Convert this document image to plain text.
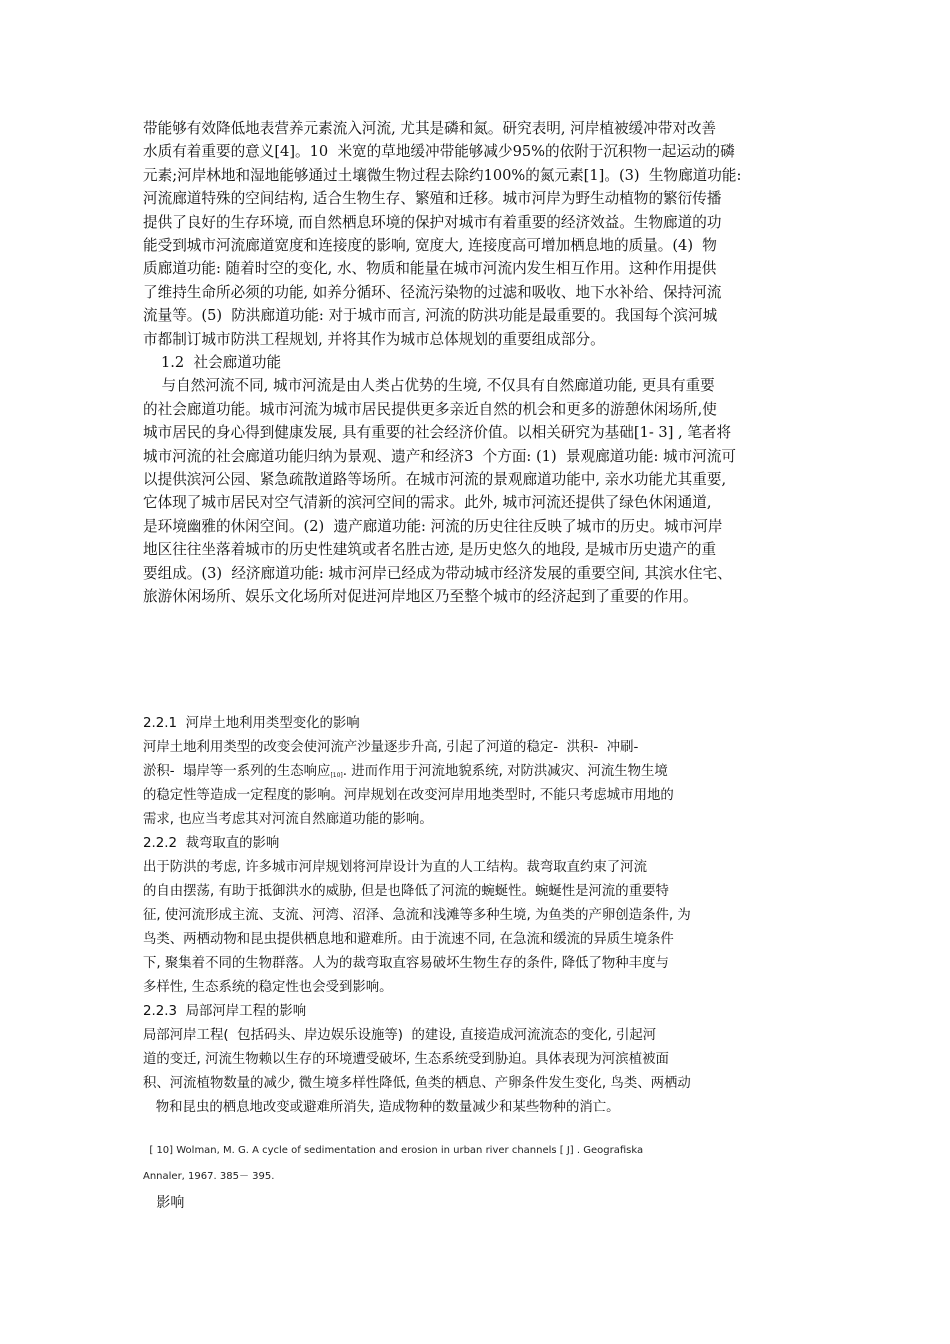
带能够有效降低地表营养元素流入河流, 尤其是磷和氮。研究表明, 河岸植被缓冲带对改善
水质有着重要的意义[4]。10  米宽的草地缓冲带能够减少95%的依附于沉积物一起运动的磷
元素;河岸林地和湿地能够通过土壤微生物过程去除约100%的氮元素[1]。(3)  生物廊道功能:
河流廊道特殊的空间结构, 适合生物生存、繁殖和迁移。城市河岸为野生动植物的繁衍传播
提供了良好的生存环境, 而自然栖息环境的保护对城市有着重要的经济效益。生物廊道的功
能受到城市河流廊道宽度和连接度的影响, 宽度大, 连接度高可增加栖息地的质量。(4)  物
质廊道功能: 随着时空的变化, 水、物质和能量在城市河流内发生相互作用。这种作用提供
了维持生命所必须的功能, 如养分循环、径流污染物的过滤和吸收、地下水补给、保持河流
流量等。(5)  防洪廊道功能: 对于城市而言, 河流的防洪功能是最重要的。我国每个滨河城
市都制订城市防洪工程规划, 并将其作为城市总体规划的重要组成部分。
1.2  社会廊道功能
与自然河流不同, 城市河流是由人类占优势的生境, 不仅具有自然廊道功能, 更具有重要
的社会廊道功能。城市河流为城市居民提供更多亲近自然的机会和更多的游憩休闲场所,使
城市居民的身心得到健康发展, 具有重要的社会经济价值。以相关研究为基础[1- 3] , 笔者将
城市河流的社会廊道功能归纳为景观、遗产和经济3  个方面: (1)  景观廊道功能: 城市河流可
以提供滨河公园、紧急疏散道路等场所。在城市河流的景观廊道功能中, 亲水功能尤其重要,
它体现了城市居民对空气清新的滨河空间的需求。此外, 城市河流还提供了绿色休闲通道,
是环境幽雅的休闲空间。(2)  遗产廊道功能: 河流的历史往往反映了城市的历史。城市河岸
地区往往坐落着城市的历史性建筑或者名胜古迹, 是历史悠久的地段, 是城市历史遗产的重
要组成。(3)  经济廊道功能: 城市河岸已经成为带动城市经济发展的重要空间, 其滨水住宅、
旅游休闲场所、娱乐文化场所对促进河岸地区乃至整个城市的经济起到了重要的作用。
2.2.1  河岸土地利用类型变化的影响
河岸土地利用类型的改变会使河流产沙量逐步升高, 引起了河道的稳定-  洪积-  冲刷-
淤积-  塌岸等一系列的生态响应$_{[10]}$. 进而作用于河流地貌系统, 对防洪减灾、河流生物生境
的稳定性等造成一定程度的影响。河岸规划在改变河岸用地类型时, 不能只考虑城市用地的
需求, 也应当考虑其对河流自然廊道功能的影响。
2.2.2  裁弯取直的影响
出于防洪的考虑, 许多城市河岸规划将河岸设计为直的人工结构。裁弯取直约束了河流
的自由摆荡, 有助于抵御洪水的威胁, 但是也降低了河流的蜿蜒性。蜿蜒性是河流的重要特
征, 使河流形成主流、支流、河湾、沼泽、急流和浅滩等多种生境, 为鱼类的产卵创造条件, 为
鸟类、两栖动物和昆虫提供栖息地和避难所。由于流速不同, 在急流和缓流的异质生境条件
下, 聚集着不同的生物群落。人为的裁弯取直容易破坏生物生存的条件, 降低了物种丰度与
多样性, 生态系统的稳定性也会受到影响。
2.2.3  局部河岸工程的影响
局部河岸工程(  包括码头、岸边娱乐设施等)  的建设, 直接造成河流流态的变化, 引起河
道的变迁, 河流生物赖以生存的环境遭受破坏, 生态系统受到胁迫。具体表现为河滨植被面
积、河流植物数量的减少, 微生境多样性降低, 鱼类的栖息、产卵条件发生变化, 鸟类、两栖动
物和昆虫的栖息地改变或避难所消失, 造成物种的数量减少和某些物种的消亡。
[ 10] Wolman, M. G. A cycle of sedimentation and erosion in urban river channels [ J] . Geografiska
Annaler, 1967. 385－ 395.
影响
